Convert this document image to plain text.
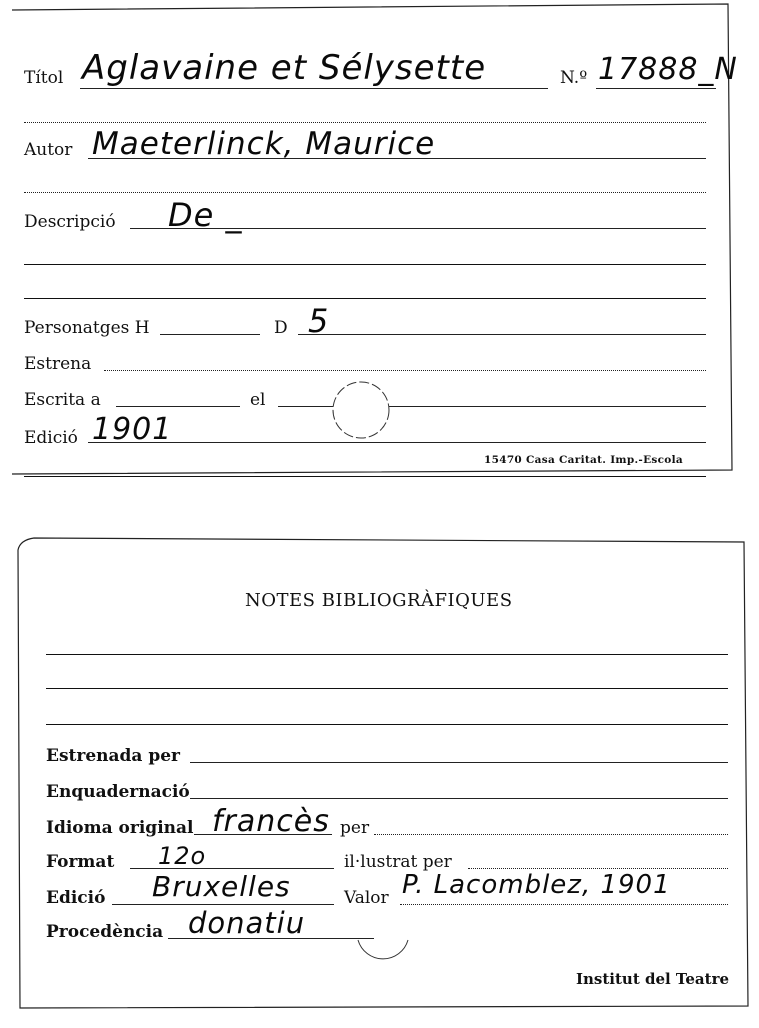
Títol Aglavaine et Sélysette	N.º 17888_N
Autor Maeterlinck, Maurice
Descripció De _
Personatges H	D 5
Estrena
Escrita a	el
Edició 1901
15470 Casa Caritat. Imp.-Escola
NOTES BIBLIOGRÀFIQUES
Estrenada per
Enquadernació
Idioma original francès per
Format 12o	il·lustrat per
Edició Bruxelles	Valor P. Lacomblez, 1901
Procedència donatiu
Institut del Teatre
